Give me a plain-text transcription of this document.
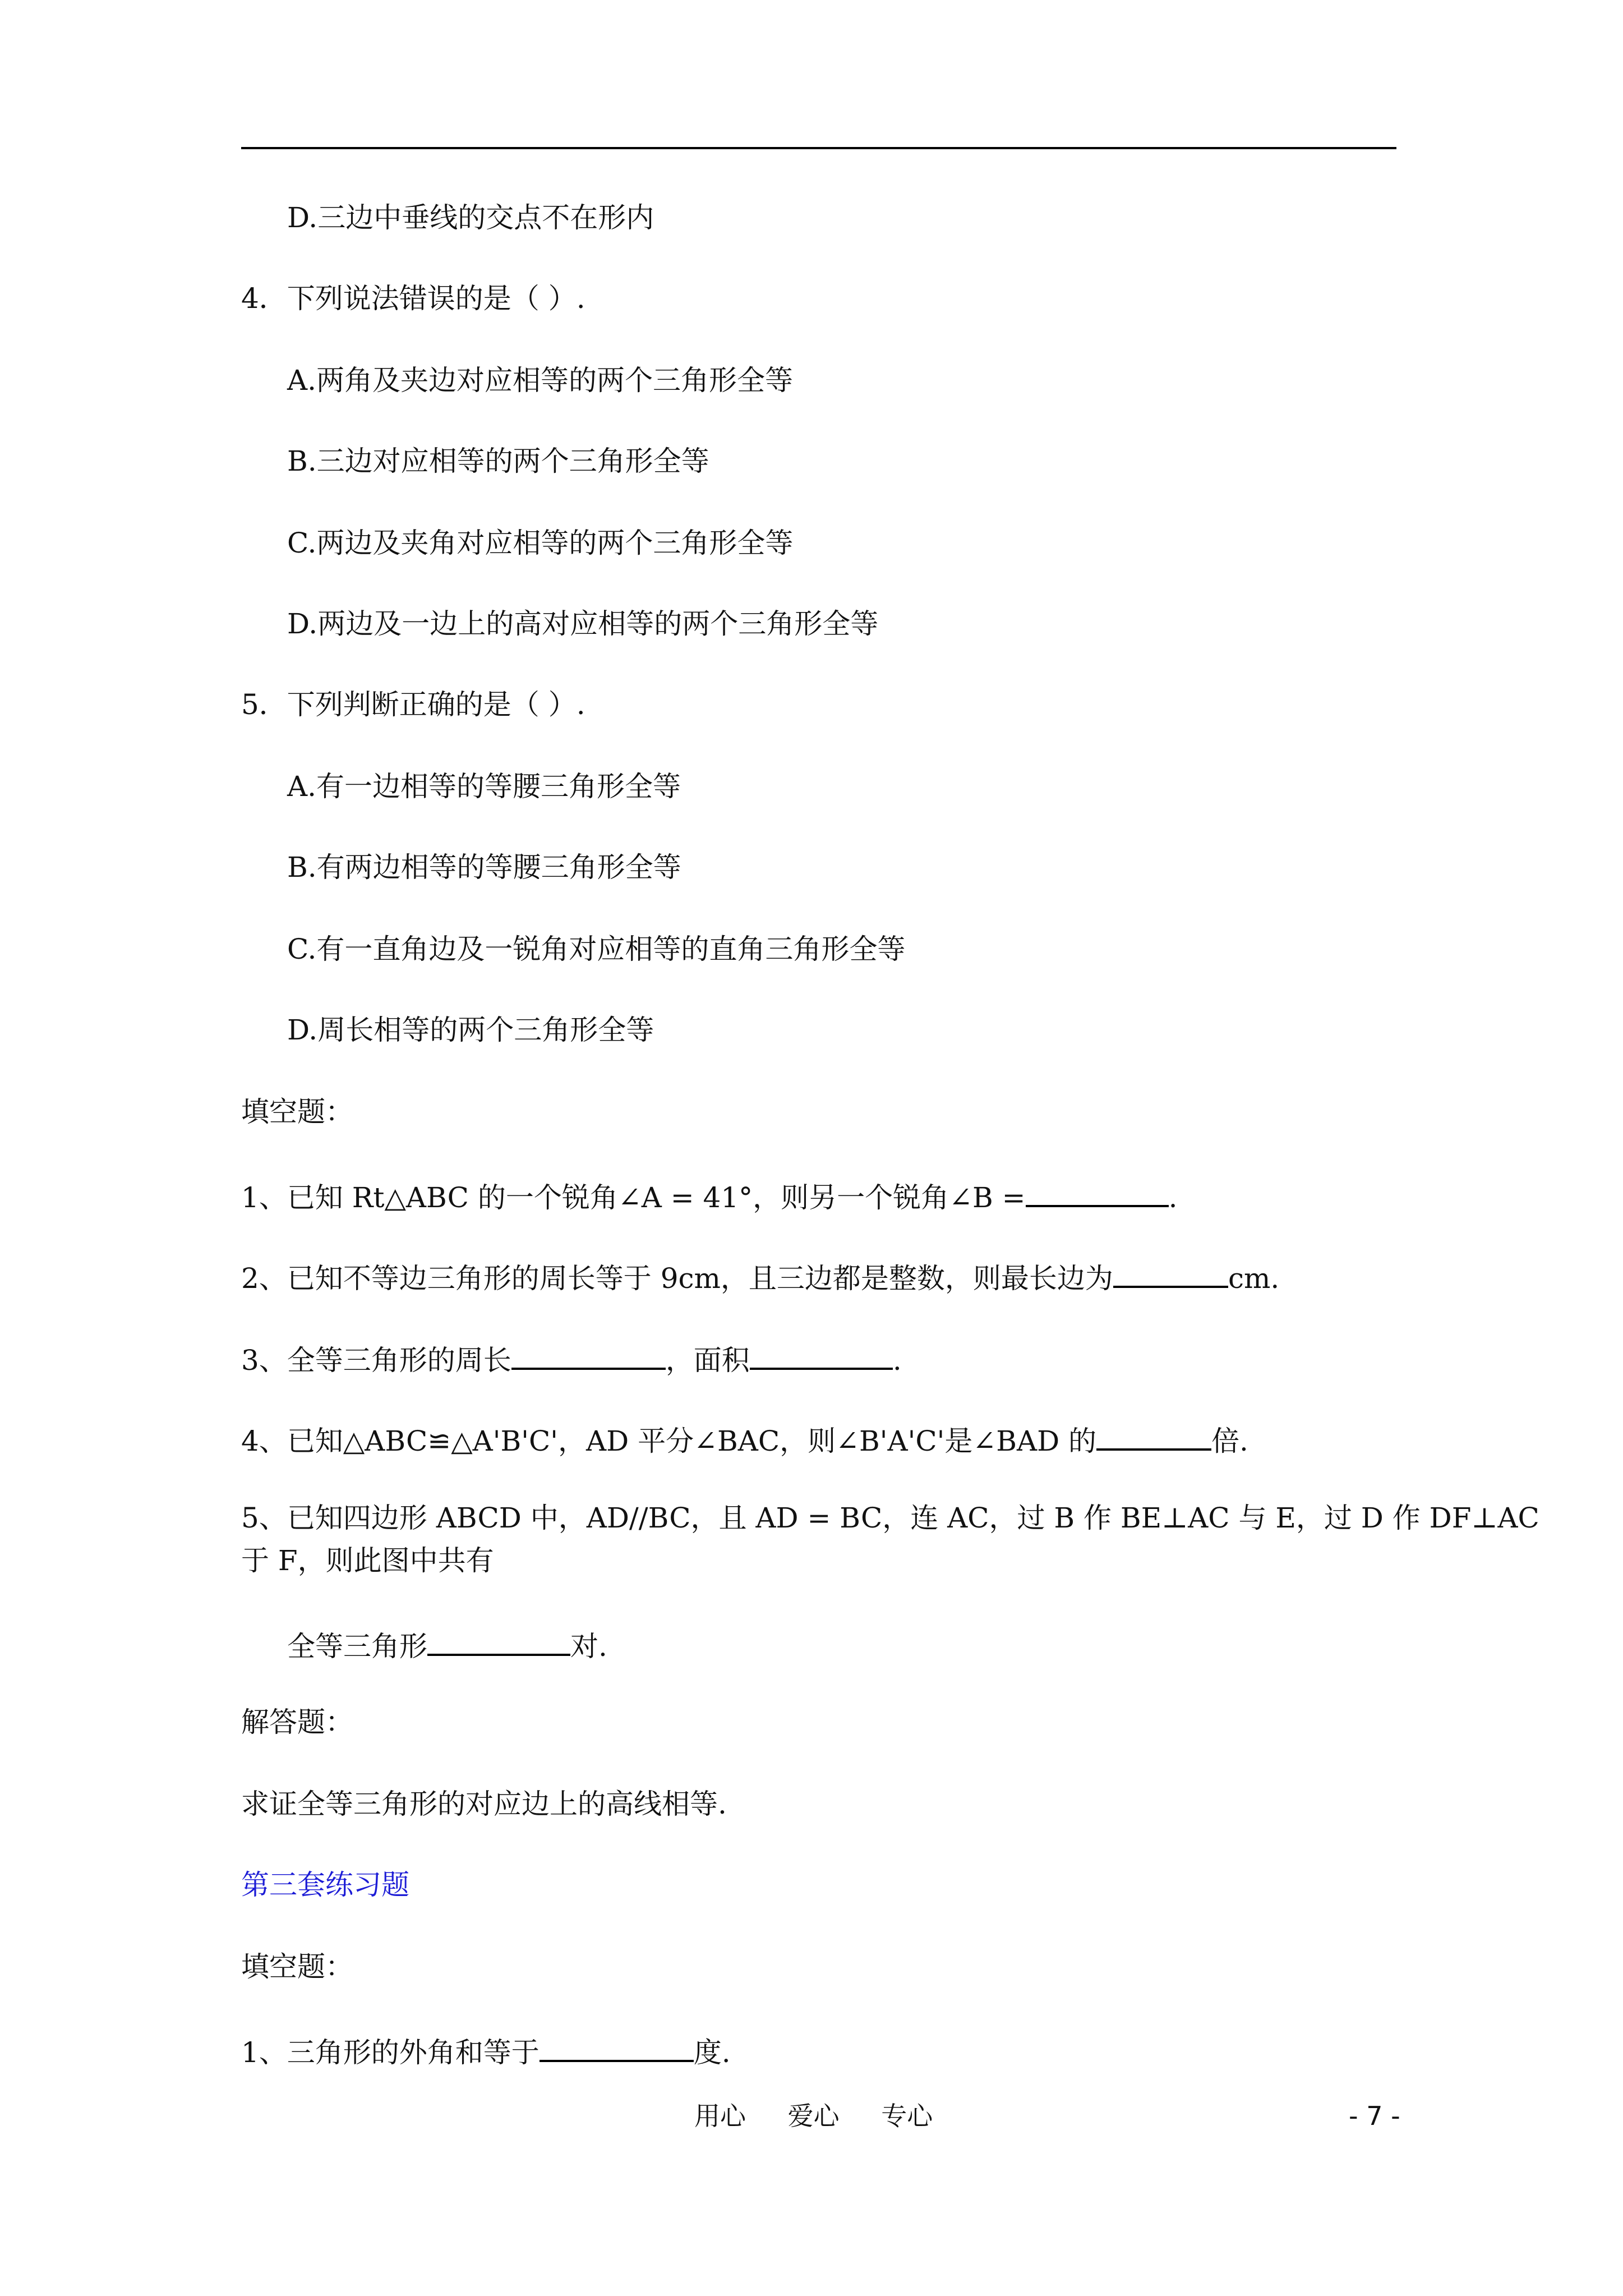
D.三边中垂线的交点不在形内
4．下列说法错误的是（ ）.
A.两角及夹边对应相等的两个三角形全等
B.三边对应相等的两个三角形全等
C.两边及夹角对应相等的两个三角形全等
D.两边及一边上的高对应相等的两个三角形全等
5．下列判断正确的是（ ）.
A.有一边相等的等腰三角形全等
B.有两边相等的等腰三角形全等
C.有一直角边及一锐角对应相等的直角三角形全等
D.周长相等的两个三角形全等
填空题：
1、已知 Rt△ABC 的一个锐角∠A = 41°，则另一个锐角∠B =	.
2、已知不等边三角形的周长等于 9cm，且三边都是整数，则最长边为	cm.
3、全等三角形的周长	，面积	.
4、已知△ABC≌△A'B'C'，AD 平分∠BAC，则∠B'A'C'是∠BAD 的	倍.
5、已知四边形 ABCD 中，AD//BC，且 AD = BC，连 AC，过 B 作 BE⊥AC 与 E，过 D 作 DF⊥AC
于 F，则此图中共有
全等三角形	对.
解答题：
求证全等三角形的对应边上的高线相等.
第三套练习题
填空题：
1、三角形的外角和等于	度.
用心 爱心 专心	- 7 -
